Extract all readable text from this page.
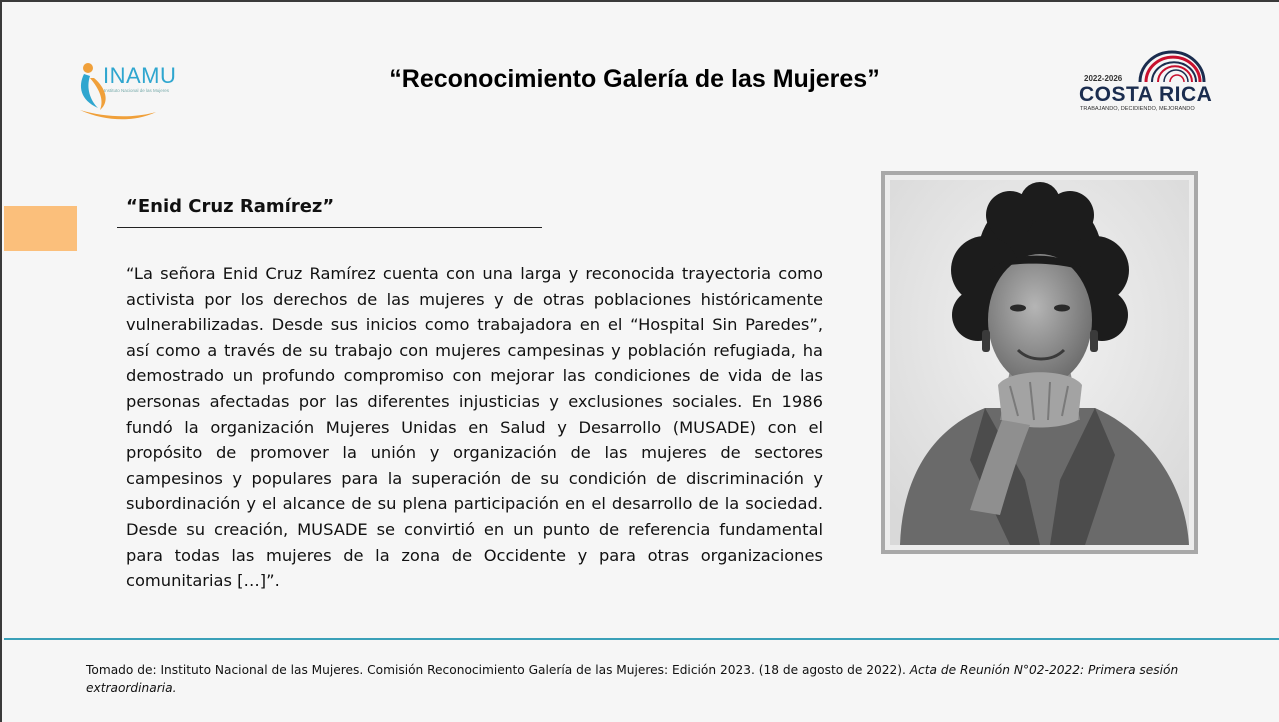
INAMU
Instituto Nacional de las Mujeres	“Reconocimiento Galería de las Mujeres”	2022-2026
COSTA RICA
TRABAJANDO, DECIDIENDO, MEJORANDO
“Enid Cruz Ramírez”
“La señora Enid Cruz Ramírez cuenta con una larga y reconocida trayectoria como activista por los derechos de las mujeres y de otras poblaciones históricamente vulnerabilizadas. Desde sus inicios como trabajadora en el “Hospital Sin Paredes”, así como a través de su trabajo con mujeres campesinas y población refugiada, ha demostrado un profundo compromiso con mejorar las condiciones de vida de las personas afectadas por las diferentes injusticias y exclusiones sociales. En 1986 fundó la organización Mujeres Unidas en Salud y Desarrollo (MUSADE) con el propósito de promover la unión y organización de las mujeres de sectores campesinos y populares para la superación de su condición de discriminación y subordinación y el alcance de su plena participación en el desarrollo de la sociedad. Desde su creación, MUSADE se convirtió en un punto de referencia fundamental para todas las mujeres de la zona de Occidente y para otras organizaciones comunitarias […]”.
Tomado de: Instituto Nacional de las Mujeres. Comisión Reconocimiento Galería de las Mujeres: Edición 2023. (18 de agosto de 2022). Acta de Reunión N°02-2022: Primera sesión extraordinaria.
